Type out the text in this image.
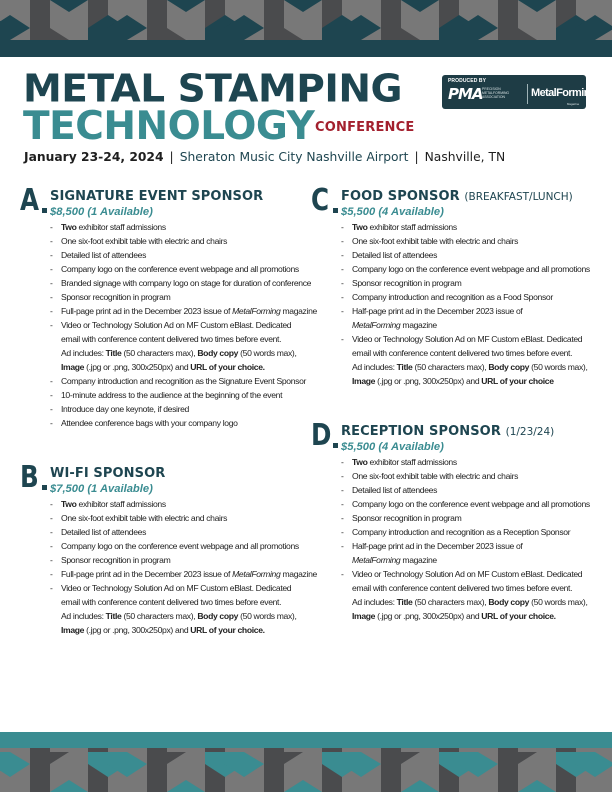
METAL STAMPING
TECHNOLOGY CONFERENCE
January 23-24, 2024 | Sheraton Music City Nashville Airport | Nashville, TN
PRODUCED BY
PMA PRECISION METALFORMING ASSOCIATION	MetalForming
Magazine
A SIGNATURE EVENT SPONSOR
$8,500 (1 Available)
- Two exhibitor staff admissions
- One six-foot exhibit table with electric and chairs
- Detailed list of attendees
- Company logo on the conference event webpage and all promotions
- Branded signage with company logo on stage for duration of conference
- Sponsor recognition in program
- Full-page print ad in the December 2023 issue of MetalForming magazine
- Video or Technology Solution Ad on MF Custom eBlast. Dedicated
email with conference content delivered two times before event.
Ad includes: Title (50 characters max), Body copy (50 words max),
Image (.jpg or .png, 300x250px) and URL of your choice.
- Company introduction and recognition as the Signature Event Sponsor
- 10-minute address to the audience at the beginning of the event
- Introduce day one keynote, if desired
- Attendee conference bags with your company logo
B WI-FI SPONSOR
$7,500 (1 Available)
- Two exhibitor staff admissions
- One six-foot exhibit table with electric and chairs
- Detailed list of attendees
- Company logo on the conference event webpage and all promotions
- Sponsor recognition in program
- Full-page print ad in the December 2023 issue of MetalForming magazine
- Video or Technology Solution Ad on MF Custom eBlast. Dedicated
email with conference content delivered two times before event.
Ad includes: Title (50 characters max), Body copy (50 words max),
Image (.jpg or .png, 300x250px) and URL of your choice.
C FOOD SPONSOR (BREAKFAST/LUNCH)
$5,500 (4 Available)
- Two exhibitor staff admissions
- One six-foot exhibit table with electric and chairs
- Detailed list of attendees
- Company logo on the conference event webpage and all promotions
- Sponsor recognition in program
- Company introduction and recognition as a Food Sponsor
- Half-page print ad in the December 2023 issue of
MetalForming magazine
- Video or Technology Solution Ad on MF Custom eBlast. Dedicated
email with conference content delivered two times before event.
Ad includes: Title (50 characters max), Body copy (50 words max),
Image (.jpg or .png, 300x250px) and URL of your choice
D RECEPTION SPONSOR (1/23/24)
$5,500 (4 Available)
- Two exhibitor staff admissions
- One six-foot exhibit table with electric and chairs
- Detailed list of attendees
- Company logo on the conference event webpage and all promotions
- Sponsor recognition in program
- Company introduction and recognition as a Reception Sponsor
- Half-page print ad in the December 2023 issue of
MetalForming magazine
- Video or Technology Solution Ad on MF Custom eBlast. Dedicated
email with conference content delivered two times before event.
Ad includes: Title (50 characters max), Body copy (50 words max),
Image (.jpg or .png, 300x250px) and URL of your choice.
